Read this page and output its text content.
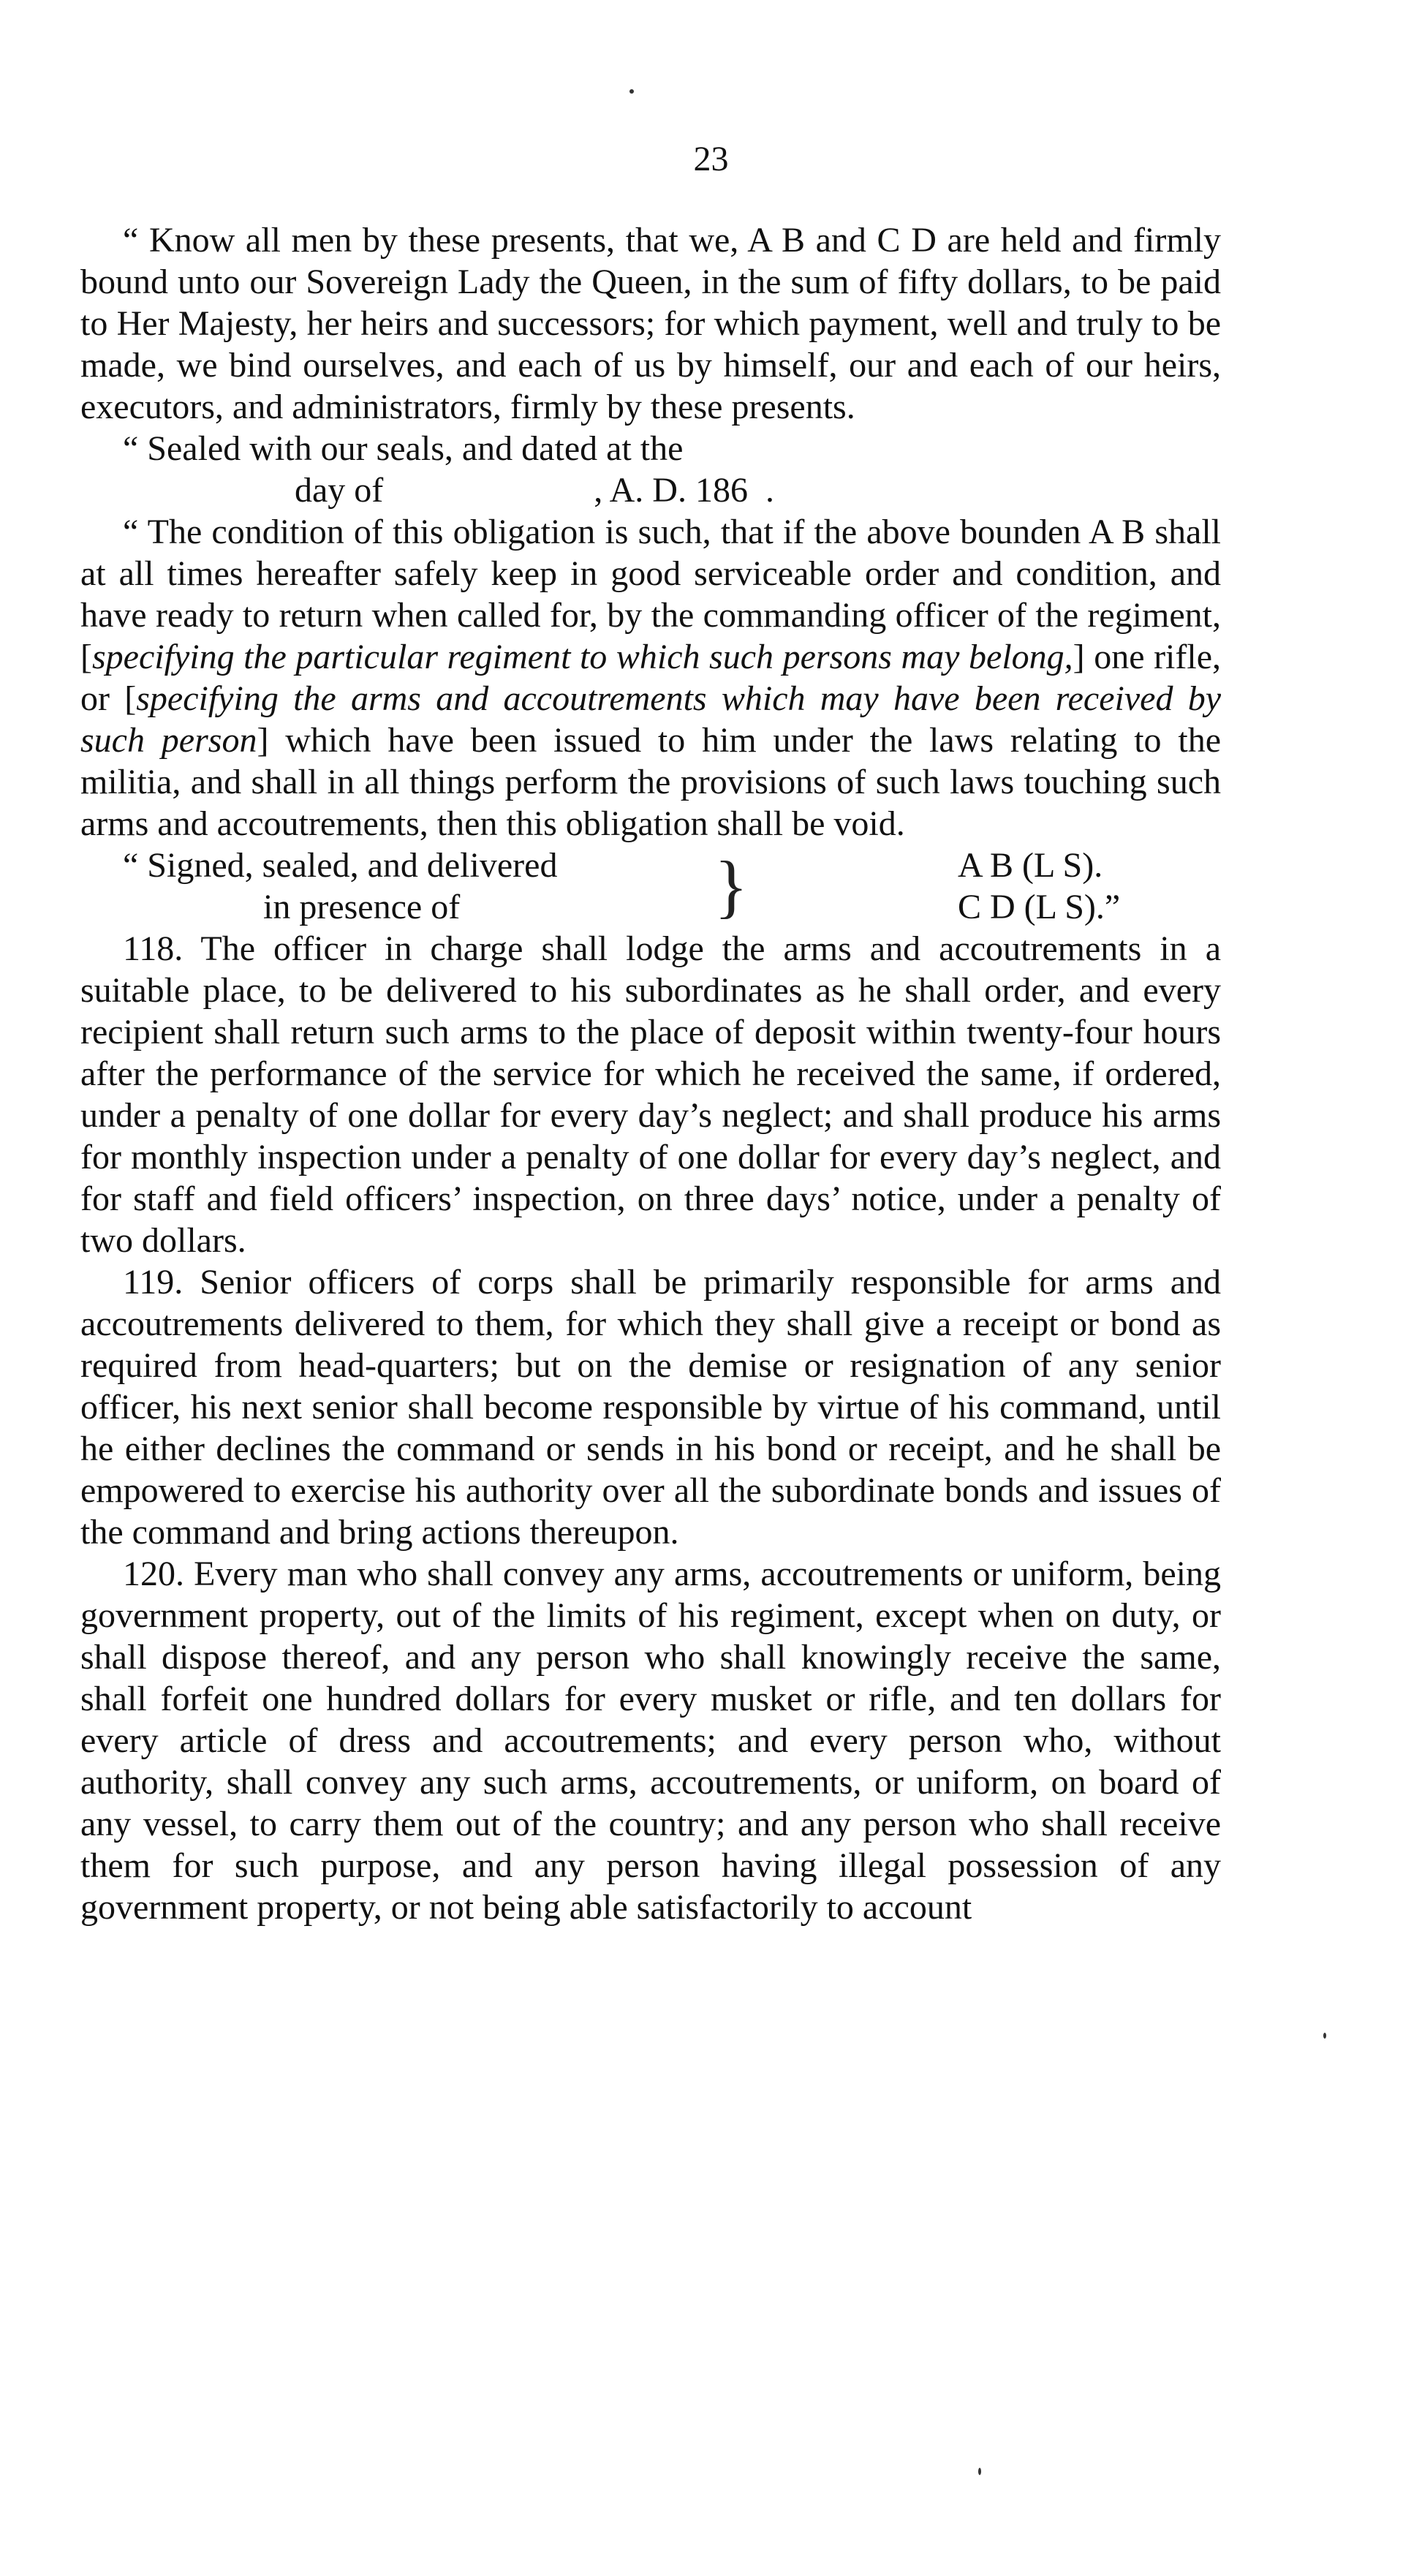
23

“ Know all men by these presents, that we, A B and C D are held and firmly bound unto our Sovereign Lady the Queen, in the sum of fifty dollars, to be paid to Her Majesty, her heirs and successors; for which payment, well and truly to be made, we bind ourselves, and each of us by himself, our and each of our heirs, executors, and administrators, firmly by these presents.

“ Sealed with our seals, and dated at the

day of                        , A. D. 186  .

“ The condition of this obligation is such, that if the above bounden A B shall at all times hereafter safely keep in good serviceable order and condition, and have ready to return when called for, by the commanding officer of the regiment, [specifying the particular regiment to which such persons may belong,] one rifle, or [specifying the arms and accoutrements which may have been received by such person] which have been issued to him under the laws relating to the militia, and shall in all things perform the provisions of such laws touching such arms and accoutrements, then this obligation shall be void.

“ Signed, sealed, and delivered
in presence of	}	A B (L S).
C D (L S).”

118. The officer in charge shall lodge the arms and accoutrements in a suitable place, to be delivered to his subordinates as he shall order, and every recipient shall return such arms to the place of deposit within twenty-four hours after the performance of the service for which he received the same, if ordered, under a penalty of one dollar for every day’s neglect; and shall produce his arms for monthly inspection under a penalty of one dollar for every day’s neglect, and for staff and field officers’ inspection, on three days’ notice, under a penalty of two dollars.

119. Senior officers of corps shall be primarily responsible for arms and accoutrements delivered to them, for which they shall give a receipt or bond as required from head-quarters; but on the demise or resignation of any senior officer, his next senior shall become responsible by virtue of his command, until he either declines the command or sends in his bond or receipt, and he shall be empowered to exercise his authority over all the subordinate bonds and issues of the command and bring actions thereupon.

120. Every man who shall convey any arms, accoutrements or uniform, being government property, out of the limits of his regiment, except when on duty, or shall dispose thereof, and any person who shall knowingly receive the same, shall forfeit one hundred dollars for every musket or rifle, and ten dollars for every article of dress and accoutrements; and every person who, without authority, shall convey any such arms, accoutrements, or uniform, on board of any vessel, to carry them out of the country; and any person who shall receive them for such purpose, and any person having illegal possession of any government property, or not being able satisfactorily to account
